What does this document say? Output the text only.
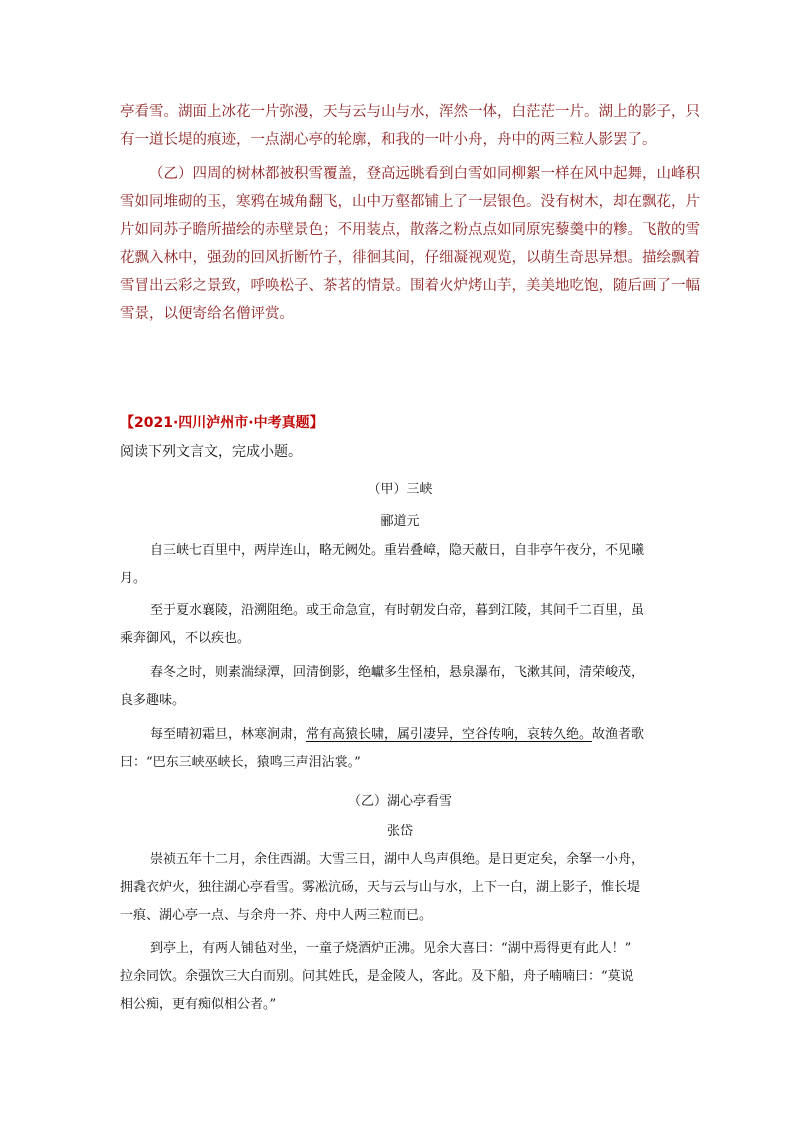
亭看雪。湖面上冰花一片弥漫，天与云与山与水，浑然一体，白茫茫一片。湖上的影子，只
有一道长堤的痕迹，一点湖心亭的轮廓，和我的一叶小舟，舟中的两三粒人影罢了。
（乙）四周的树林都被积雪覆盖，登高远眺看到白雪如同柳絮一样在风中起舞，山峰积
雪如同堆砌的玉，寒鸦在城角翻飞，山中万壑都铺上了一层银色。没有树木，却在飘花，片
片如同苏子瞻所描绘的赤壁景色；不用装点，散落之粉点点如同原宪藜羹中的糁。飞散的雪
花飘入林中，强劲的回风折断竹子，徘徊其间，仔细凝视观览，以萌生奇思异想。描绘飘着
雪冒出云彩之景致，呼唤松子、茶茗的情景。围着火炉烤山芋，美美地吃饱，随后画了一幅
雪景，以便寄给名僧评赏。

【2021·四川泸州市·中考真题】

阅读下列文言文，完成小题。

（甲）三峡

郦道元

自三峡七百里中，两岸连山，略无阙处。重岩叠嶂，隐天蔽日，自非亭午夜分，不见曦
月。
至于夏水襄陵，沿溯阻绝。或王命急宣，有时朝发白帝，暮到江陵，其间千二百里，虽
乘奔御风，不以疾也。
春冬之时，则素湍绿潭，回清倒影，绝巘多生怪柏，悬泉瀑布，飞漱其间，清荣峻茂，
良多趣味。
每至晴初霜旦，林寒涧肃，常有高猿长啸，属引凄异，空谷传响，哀转久绝。故渔者歌
曰：“巴东三峡巫峡长，猿鸣三声泪沾裳。”

（乙）湖心亭看雪

张岱

崇祯五年十二月，余住西湖。大雪三日，湖中人鸟声俱绝。是日更定矣，余拏一小舟，
拥毳衣炉火，独往湖心亭看雪。雾凇沆砀，天与云与山与水，上下一白，湖上影子，惟长堤
一痕、湖心亭一点、与余舟一芥、舟中人两三粒而已。
到亭上，有两人铺毡对坐，一童子烧酒炉正沸。见余大喜曰：“湖中焉得更有此人！”
拉余同饮。余强饮三大白而别。问其姓氏，是金陵人，客此。及下船，舟子喃喃曰：“莫说
相公痴，更有痴似相公者。”
